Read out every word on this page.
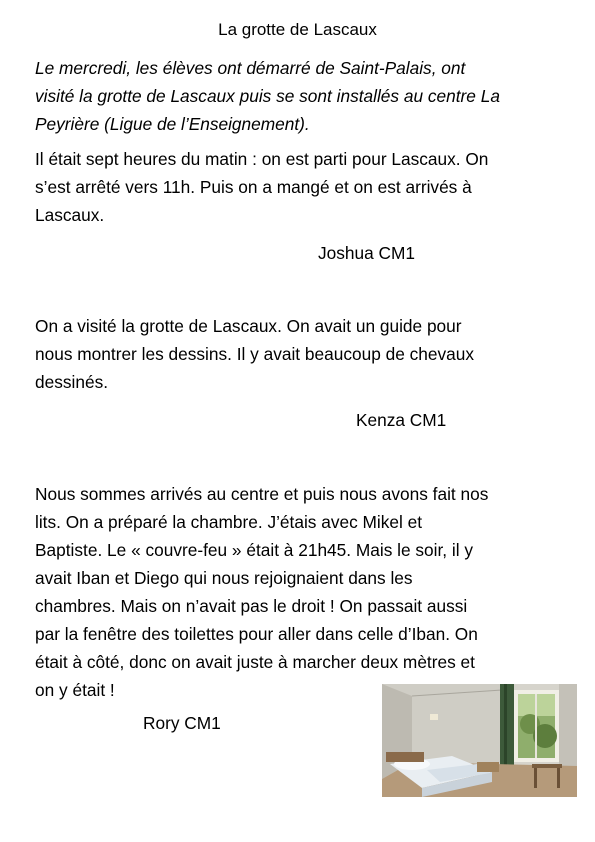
La grotte de Lascaux
Le mercredi, les élèves ont démarré de Saint-Palais, ont
visité la grotte de Lascaux puis se sont installés au centre La
Peyrière (Ligue de l’Enseignement).
Il était sept heures du matin : on est parti pour Lascaux. On
s’est arrêté vers 11h. Puis on a mangé et on est arrivés à
Lascaux.
Joshua CM1
On a visité la grotte de Lascaux. On avait un guide pour
nous montrer les dessins. Il y avait beaucoup de chevaux
dessinés.
Kenza CM1
Nous sommes arrivés au centre et puis nous avons fait nos
lits. On a préparé la chambre. J’étais avec Mikel et
Baptiste. Le « couvre-feu » était à 21h45. Mais le soir, il y
avait Iban et Diego qui nous rejoignaient dans les
chambres. Mais on n’avait pas le droit ! On passait aussi
par la fenêtre des toilettes pour aller dans celle d’Iban. On
était à côté, donc on avait juste à marcher deux mètres et
on y était !
Rory CM1
